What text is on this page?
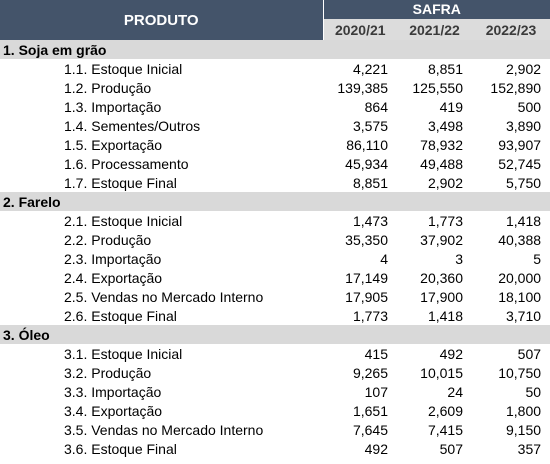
PRODUTO	SAFRA		
	2020/21	2021/22	2022/23
1. Soja em grão			
1.1. Estoque Inicial	4,221	8,851	2,902
1.2. Produção	139,385	125,550	152,890
1.3. Importação	864	419	500
1.4. Sementes/Outros	3,575	3,498	3,890
1.5. Exportação	86,110	78,932	93,907
1.6. Processamento	45,934	49,488	52,745
1.7. Estoque Final	8,851	2,902	5,750
2. Farelo			
2.1. Estoque Inicial	1,473	1,773	1,418
2.2. Produção	35,350	37,902	40,388
2.3. Importação	4	3	5
2.4. Exportação	17,149	20,360	20,000
2.5. Vendas no Mercado Interno	17,905	17,900	18,100
2.6. Estoque Final	1,773	1,418	3,710
3. Óleo			
3.1. Estoque Inicial	415	492	507
3.2. Produção	9,265	10,015	10,750
3.3. Importação	107	24	50
3.4. Exportação	1,651	2,609	1,800
3.5. Vendas no Mercado Interno	7,645	7,415	9,150
3.6. Estoque Final	492	507	357
